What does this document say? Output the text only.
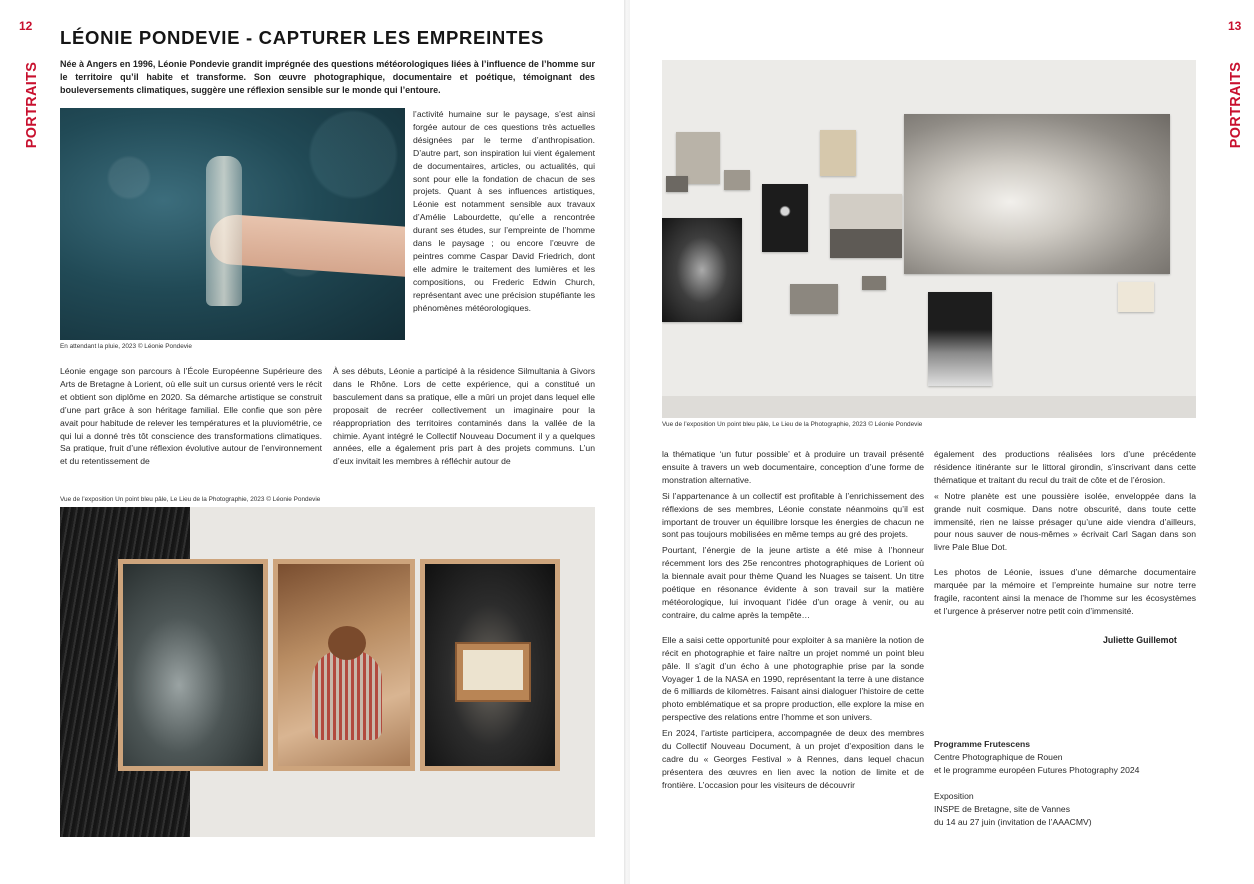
12
PORTRAITS
LÉONIE PONDEVIE - CAPTURER LES EMPREINTES
Née à Angers en 1996, Léonie Pondevie grandit imprégnée des questions météorologiques liées à l’influence de l’homme sur le territoire qu’il habite et transforme. Son œuvre photographique, documentaire et poétique, témoignant des bouleversements climatiques, suggère une réflexion sensible sur le monde qui l’entoure.
En attendant la pluie, 2023 © Léonie Pondevie
l’activité humaine sur le paysage, s’est ainsi forgée autour de ces questions très actuelles désignées par le terme d’anthropisation. D’autre part, son inspiration lui vient également de documentaires, articles, ou actualités, qui sont pour elle la fondation de chacun de ses projets. Quant à ses influences artistiques, Léonie est notamment sensible aux travaux d’Amélie Labourdette, qu’elle a rencontrée durant ses études, sur l’empreinte de l’homme dans le paysage ; ou encore l’œuvre de peintres comme Caspar David Friedrich, dont elle admire le traitement des lumières et les compositions, ou Frederic Edwin Church, représentant avec une précision stupéfiante les phénomènes météorologiques.
Léonie engage son parcours à l’École Européenne Supérieure des Arts de Bretagne à Lorient, où elle suit un cursus orienté vers le récit et obtient son diplôme en 2020. Sa démarche artistique se construit d’une part grâce à son héritage familial. Elle confie que son père avait pour habitude de relever les températures et la pluviométrie, ce qui lui a donné très tôt conscience des transformations climatiques. Sa pratique, fruit d’une réflexion évolutive autour de l’environnement et du retentissement de
À ses débuts, Léonie a participé à la résidence Silmultania à Givors dans le Rhône. Lors de cette expérience, qui a constitué un basculement dans sa pratique, elle a mûri un projet dans lequel elle proposait de recréer collectivement un imaginaire pour la réappropriation des territoires contaminés dans la vallée de la chimie. Ayant intégré le Collectif Nouveau Document il y a quelques années, elle a également pris part à des projets communs. L’un d’eux invitait les membres à réfléchir autour de
Vue de l’exposition Un point bleu pâle, Le Lieu de la Photographie, 2023 © Léonie Pondevie
13
PORTRAITS
Vue de l’exposition Un point bleu pâle, Le Lieu de la Photographie, 2023 © Léonie Pondevie

la thématique ‘un futur possible’ et à produire un travail présenté ensuite à travers un web documentaire, conception d’une forme de monstration alternative.

Si l’appartenance à un collectif est profitable à l’enrichissement des réflexions de ses membres, Léonie constate néanmoins qu’il est important de trouver un équilibre lorsque les énergies de chacun ne sont pas toujours mobilisées en même temps au gré des projets.

Pourtant, l’énergie de la jeune artiste a été mise à l’honneur récemment lors des 25e rencontres photographiques de Lorient où la biennale avait pour thème Quand les Nuages se taisent. Un titre poétique en résonance évidente à son travail sur la matière météorologique, lui invoquant l’idée d’un orage à venir, ou au contraire, du calme après la tempête…

Elle a saisi cette opportunité pour exploiter à sa manière la notion de récit en photographie et faire naître un projet nommé un point bleu pâle. Il s’agit d’un écho à une photographie prise par la sonde Voyager 1 de la NASA en 1990, représentant la terre à une distance de 6 milliards de kilomètres. Faisant ainsi dialoguer l’histoire de cette photo emblématique et sa propre production, elle explore la mise en perspective des relations entre l’homme et son univers.

En 2024, l’artiste participera, accompagnée de deux des membres du Collectif Nouveau Document, à un projet d’exposition dans le cadre du « Georges Festival » à Rennes, dans lequel chacun présentera des œuvres en lien avec la notion de limite et de frontière. L’occasion pour les visiteurs de découvrir

également des productions réalisées lors d’une précédente résidence itinérante sur le littoral girondin, s’inscrivant dans cette thématique et traitant du recul du trait de côte et de l’érosion.

« Notre planète est une poussière isolée, enveloppée dans la grande nuit cosmique. Dans notre obscurité, dans toute cette immensité, rien ne laisse présager qu’une aide viendra d’ailleurs, pour nous sauver de nous-mêmes » écrivait Carl Sagan dans son livre Pale Blue Dot.

Les photos de Léonie, issues d’une démarche documentaire marquée par la mémoire et l’empreinte humaine sur notre terre fragile, racontent ainsi la menace de l’homme sur les écosystèmes et l’urgence à préserver notre petit coin d’immensité.

Juliette Guillemot
Programme Frutescens
Centre Photographique de Rouen
et le programme européen Futures Photography 2024
Exposition
INSPE de Bretagne, site de Vannes
du 14 au 27 juin (invitation de l’AAACMV)
